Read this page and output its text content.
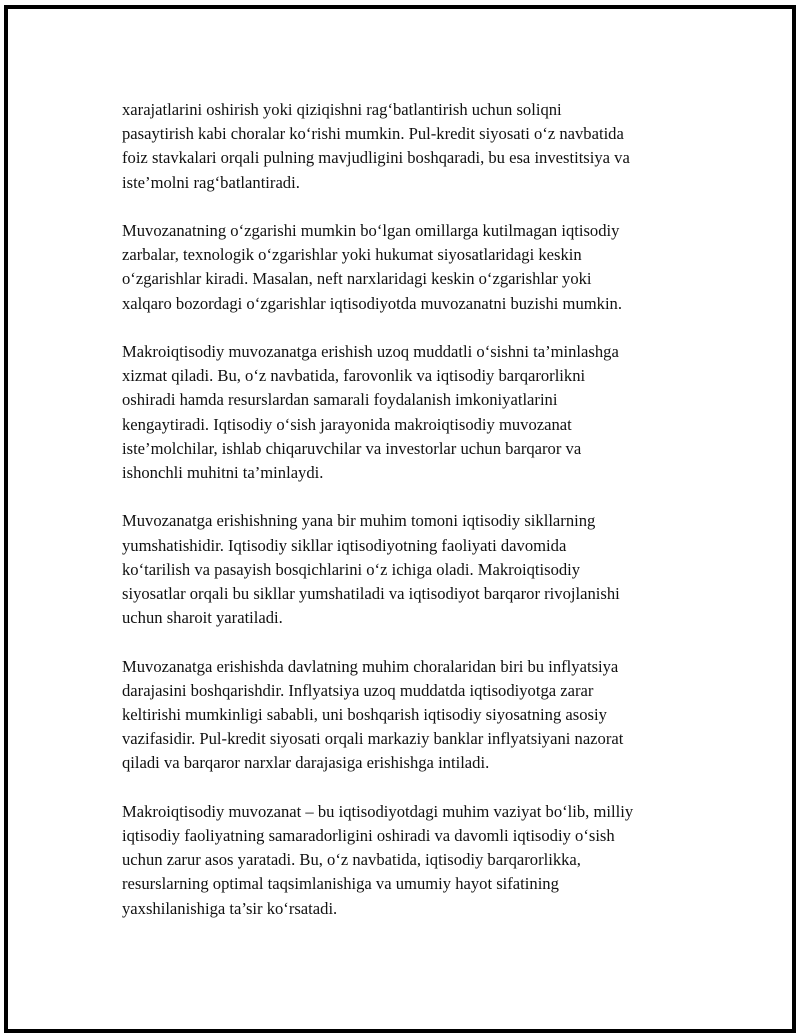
xarajatlarini oshirish yoki qiziqishni rag‘batlantirish uchun soliqni
pasaytirish kabi choralar ko‘rishi mumkin. Pul-kredit siyosati o‘z navbatida
foiz stavkalari orqali pulning mavjudligini boshqaradi, bu esa investitsiya va
iste’molni rag‘batlantiradi.

Muvozanatning o‘zgarishi mumkin bo‘lgan omillarga kutilmagan iqtisodiy
zarbalar, texnologik o‘zgarishlar yoki hukumat siyosatlaridagi keskin
o‘zgarishlar kiradi. Masalan, neft narxlaridagi keskin o‘zgarishlar yoki
xalqaro bozordagi o‘zgarishlar iqtisodiyotda muvozanatni buzishi mumkin.

Makroiqtisodiy muvozanatga erishish uzoq muddatli o‘sishni ta’minlashga
xizmat qiladi. Bu, o‘z navbatida, farovonlik va iqtisodiy barqarorlikni
oshiradi hamda resurslardan samarali foydalanish imkoniyatlarini
kengaytiradi. Iqtisodiy o‘sish jarayonida makroiqtisodiy muvozanat
iste’molchilar, ishlab chiqaruvchilar va investorlar uchun barqaror va
ishonchli muhitni ta’minlaydi.

Muvozanatga erishishning yana bir muhim tomoni iqtisodiy sikllarning
yumshatishidir. Iqtisodiy sikllar iqtisodiyotning faoliyati davomida
ko‘tarilish va pasayish bosqichlarini o‘z ichiga oladi. Makroiqtisodiy
siyosatlar orqali bu sikllar yumshatiladi va iqtisodiyot barqaror rivojlanishi
uchun sharoit yaratiladi.

Muvozanatga erishishda davlatning muhim choralaridan biri bu inflyatsiya
darajasini boshqarishdir. Inflyatsiya uzoq muddatda iqtisodiyotga zarar
keltirishi mumkinligi sababli, uni boshqarish iqtisodiy siyosatning asosiy
vazifasidir. Pul-kredit siyosati orqali markaziy banklar inflyatsiyani nazorat
qiladi va barqaror narxlar darajasiga erishishga intiladi.

Makroiqtisodiy muvozanat – bu iqtisodiyotdagi muhim vaziyat bo‘lib, milliy
iqtisodiy faoliyatning samaradorligini oshiradi va davomli iqtisodiy o‘sish
uchun zarur asos yaratadi. Bu, o‘z navbatida, iqtisodiy barqarorlikka,
resurslarning optimal taqsimlanishiga va umumiy hayot sifatining
yaxshilanishiga ta’sir ko‘rsatadi.
